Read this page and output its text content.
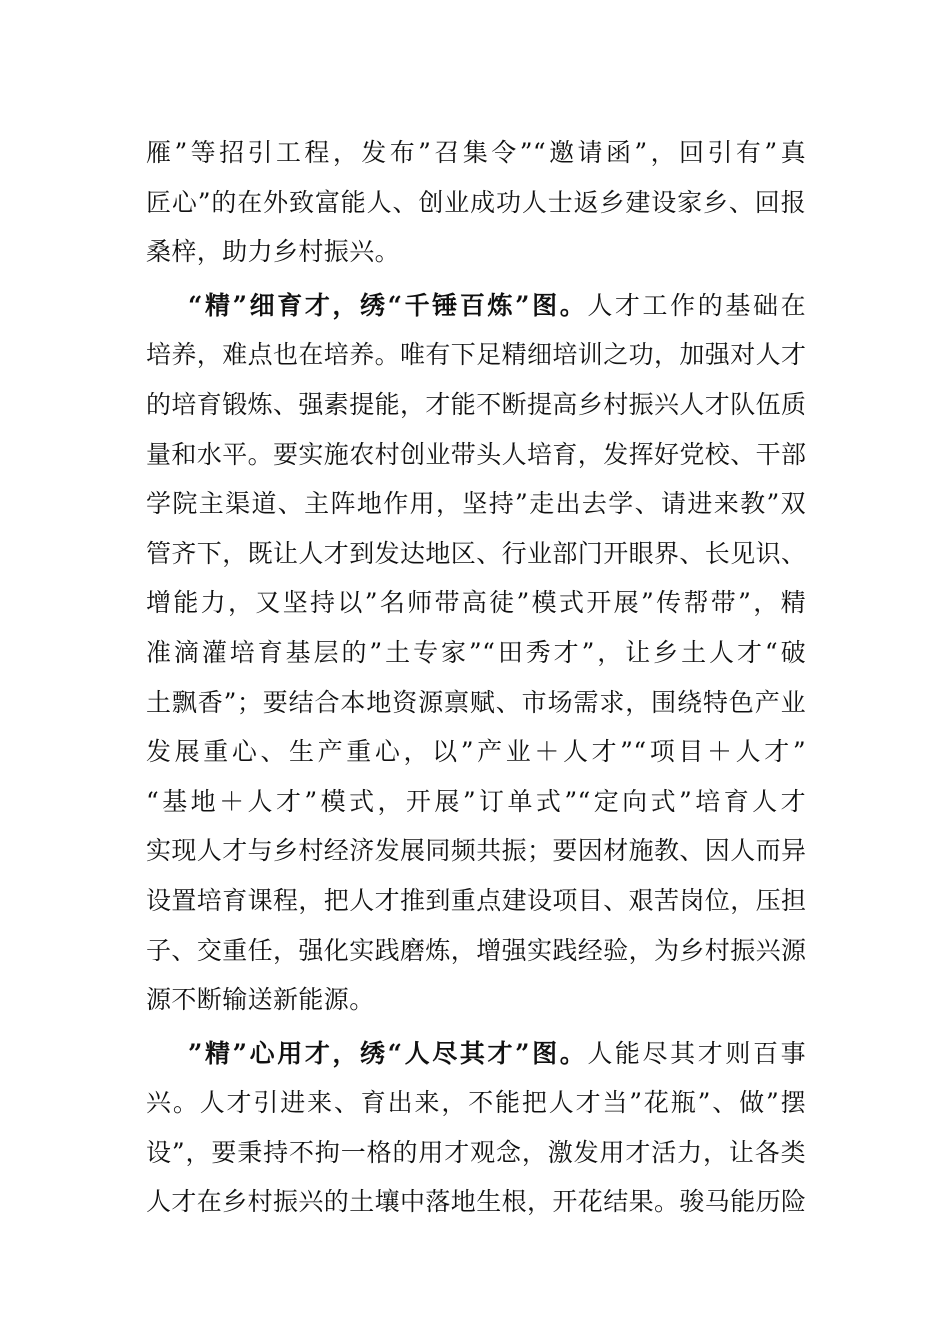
雁”等招引工程，发布”召集令”“邀请函”，回引有”真
匠心”的在外致富能人、创业成功人士返乡建设家乡、回报
桑梓，助力乡村振兴。
“精”细育才，绣“千锤百炼”图。人才工作的基础在
培养，难点也在培养。唯有下足精细培训之功，加强对人才
的培育锻炼、强素提能，才能不断提高乡村振兴人才队伍质
量和水平。要实施农村创业带头人培育，发挥好党校、干部
学院主渠道、主阵地作用，坚持”走出去学、请进来教”双
管齐下，既让人才到发达地区、行业部门开眼界、长见识、
增能力，又坚持以”名师带高徒”模式开展”传帮带”，精
准滴灌培育基层的”土专家”“田秀才”，让乡土人才“破
土飘香”；要结合本地资源禀赋、市场需求，围绕特色产业
发展重心、生产重心，以”产业＋人才”“项目＋人才”
“基地＋人才”模式，开展”订单式”“定向式”培育人才
实现人才与乡村经济发展同频共振；要因材施教、因人而异
设置培育课程，把人才推到重点建设项目、艰苦岗位，压担
子、交重任，强化实践磨炼，增强实践经验，为乡村振兴源
源不断输送新能源。
”精”心用才，绣“人尽其才”图。人能尽其才则百事
兴。人才引进来、育出来，不能把人才当”花瓶”、做”摆
设”，要秉持不拘一格的用才观念，激发用才活力，让各类
人才在乡村振兴的土壤中落地生根，开花结果。骏马能历险
